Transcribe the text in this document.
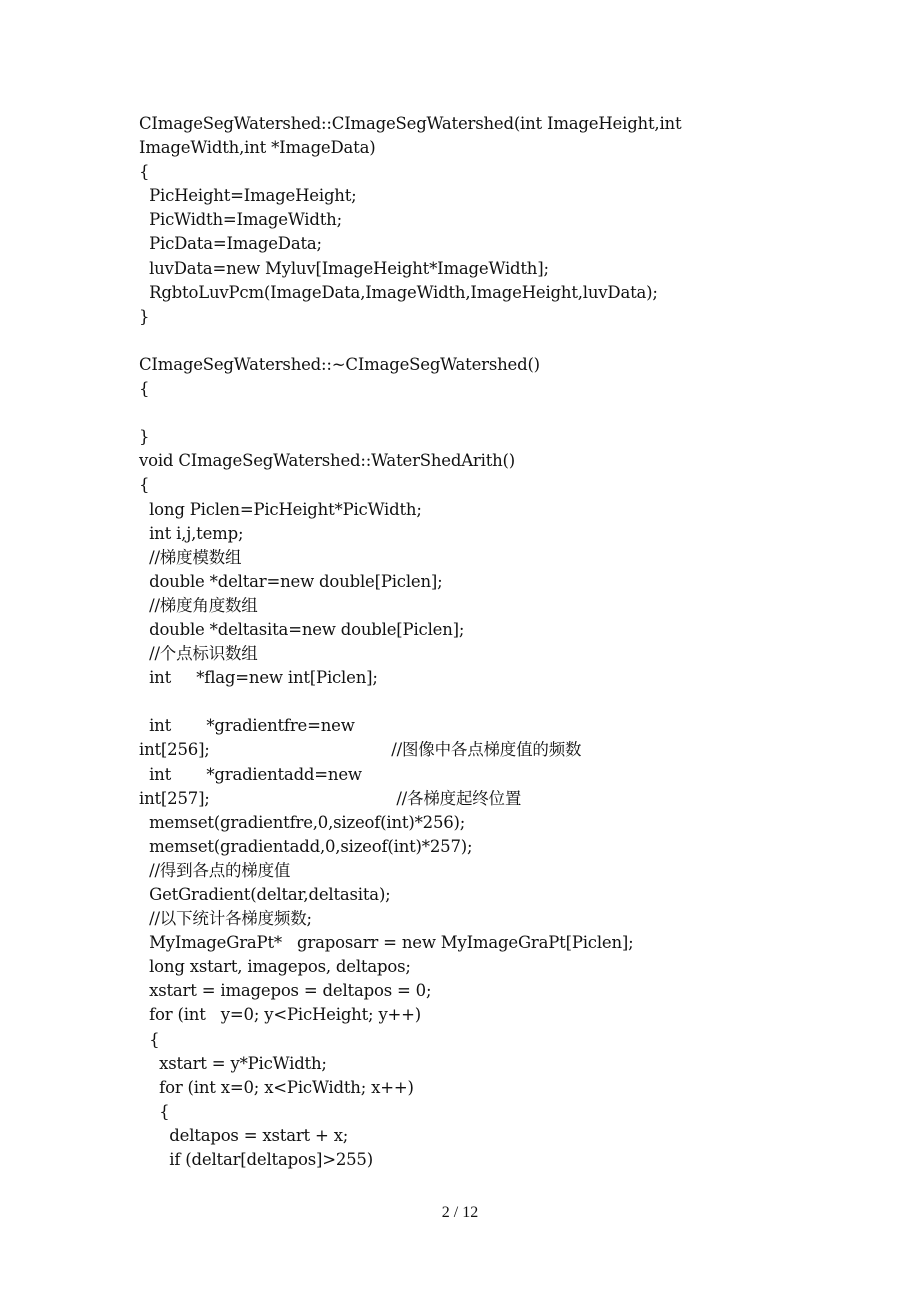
CImageSegWatershed::CImageSegWatershed(int ImageHeight,int
ImageWidth,int *ImageData)
{
PicHeight=ImageHeight;
PicWidth=ImageWidth;
PicData=ImageData;
luvData=new Myluv[ImageHeight*ImageWidth];
RgbtoLuvPcm(ImageData,ImageWidth,ImageHeight,luvData);
}
CImageSegWatershed::~CImageSegWatershed()
{
}
void CImageSegWatershed::WaterShedArith()
{
long Piclen=PicHeight*PicWidth;
int i,j,temp;
//梯度模数组
double *deltar=new double[Piclen];
//梯度角度数组
double *deltasita=new double[Piclen];
//个点标识数组
int     *flag=new int[Piclen];
int       *gradientfre=new
int[256];                                    //图像中各点梯度值的频数
int       *gradientadd=new
int[257];                                     //各梯度起终位置
memset(gradientfre,0,sizeof(int)*256);
memset(gradientadd,0,sizeof(int)*257);
//得到各点的梯度值
GetGradient(deltar,deltasita);
//以下统计各梯度频数;
MyImageGraPt*   graposarr = new MyImageGraPt[Piclen];
long xstart, imagepos, deltapos;
xstart = imagepos = deltapos = 0;
for (int   y=0; y<PicHeight; y++)
{
xstart = y*PicWidth;
for (int x=0; x<PicWidth; x++)
{
deltapos = xstart + x;
if (deltar[deltapos]>255)
2 / 12
